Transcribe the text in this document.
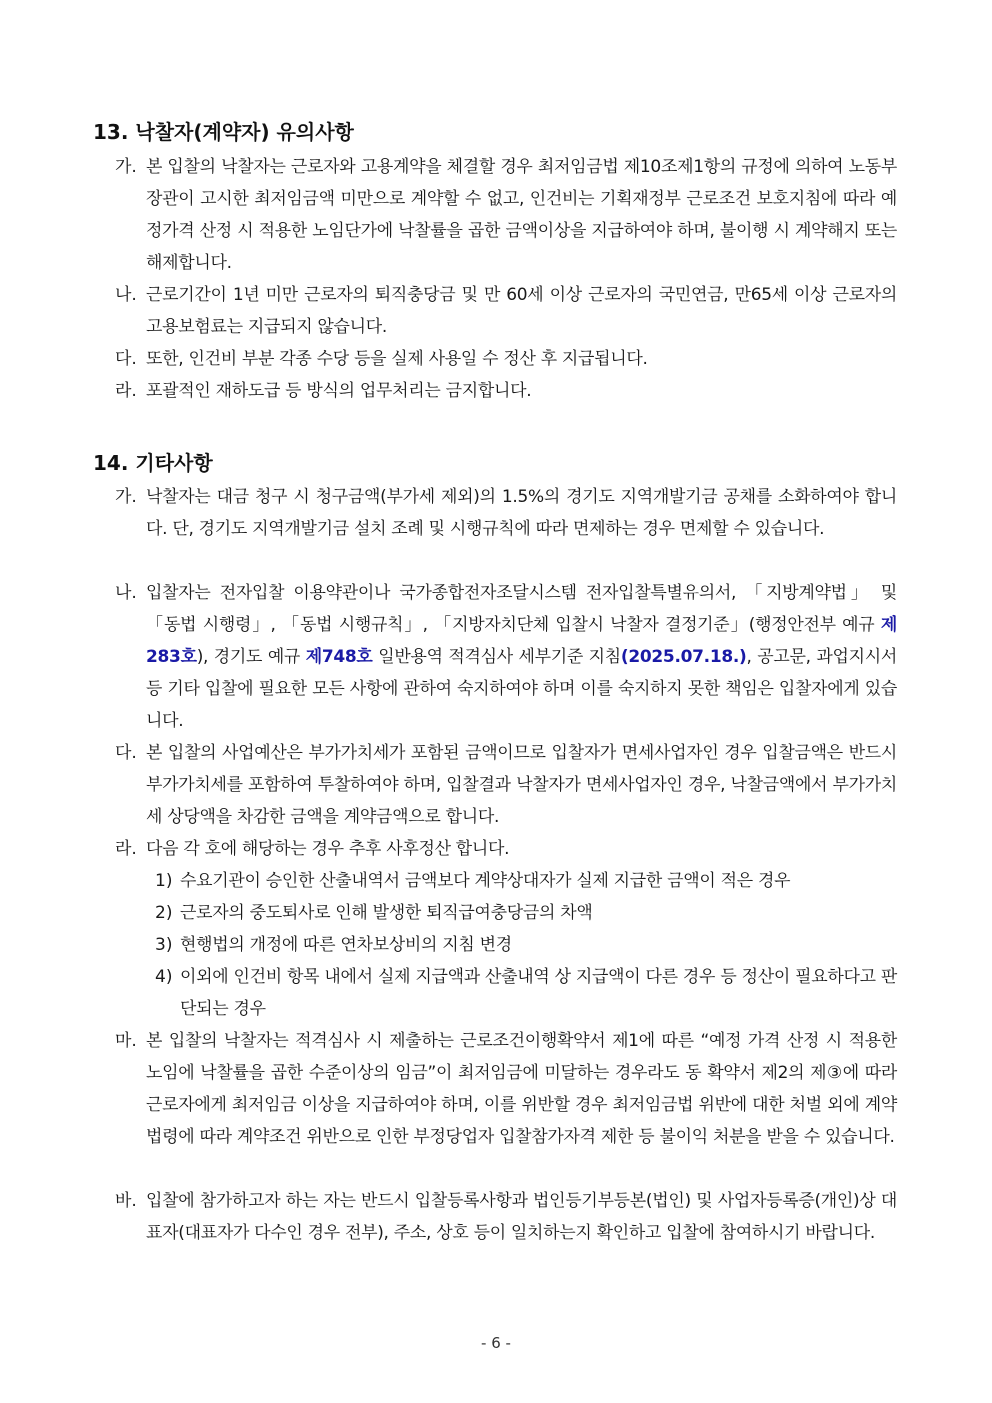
13. 낙찰자(계약자) 유의사항
가. 본 입찰의 낙찰자는 근로자와 고용계약을 체결할 경우 최저임금법 제10조제1항의 규정에 의하여 노동부장관이 고시한 최저임금액 미만으로 계약할 수 없고, 인건비는 기획재정부 근로조건 보호지침에 따라 예정가격 산정 시 적용한 노임단가에 낙찰률을 곱한 금액이상을 지급하여야 하며, 불이행 시 계약해지 또는 해제합니다.
나. 근로기간이 1년 미만 근로자의 퇴직충당금 및 만 60세 이상 근로자의 국민연금, 만65세 이상 근로자의 고용보험료는 지급되지 않습니다.
다. 또한, 인건비 부분 각종 수당 등을 실제 사용일 수 정산 후 지급됩니다.
라. 포괄적인 재하도급 등 방식의 업무처리는 금지합니다.
14. 기타사항
가. 낙찰자는 대금 청구 시 청구금액(부가세 제외)의 1.5%의 경기도 지역개발기금 공채를 소화하여야 합니다. 단, 경기도 지역개발기금 설치 조례 및 시행규칙에 따라 면제하는 경우 면제할 수 있습니다.
나. 입찰자는 전자입찰 이용약관이나 국가종합전자조달시스템 전자입찰특별유의서, 「지방계약법」 및 「동법 시행령」, 「동법 시행규칙」, 「지방자치단체 입찰시 낙찰자 결정기준」(행정안전부 예규 제283호), 경기도 예규 제748호 일반용역 적격심사 세부기준 지침(2025.07.18.), 공고문, 과업지시서 등 기타 입찰에 필요한 모든 사항에 관하여 숙지하여야 하며 이를 숙지하지 못한 책임은 입찰자에게 있습니다.
다. 본 입찰의 사업예산은 부가가치세가 포함된 금액이므로 입찰자가 면세사업자인 경우 입찰금액은 반드시 부가가치세를 포함하여 투찰하여야 하며, 입찰결과 낙찰자가 면세사업자인 경우, 낙찰금액에서 부가가치세 상당액을 차감한 금액을 계약금액으로 합니다.
라. 다음 각 호에 해당하는 경우 추후 사후정산 합니다.
1) 수요기관이 승인한 산출내역서 금액보다 계약상대자가 실제 지급한 금액이 적은 경우
2) 근로자의 중도퇴사로 인해 발생한 퇴직급여충당금의 차액
3) 현행법의 개정에 따른 연차보상비의 지침 변경
4) 이외에 인건비 항목 내에서 실제 지급액과 산출내역 상 지급액이 다른 경우 등 정산이 필요하다고 판단되는 경우
마. 본 입찰의 낙찰자는 적격심사 시 제출하는 근로조건이행확약서 제1에 따른 “예정 가격 산정 시 적용한 노임에 낙찰률을 곱한 수준이상의 임금”이 최저임금에 미달하는 경우라도 동 확약서 제2의 제③에 따라 근로자에게 최저임금 이상을 지급하여야 하며, 이를 위반할 경우 최저임금법 위반에 대한 처벌 외에 계약법령에 따라 계약조건 위반으로 인한 부정당업자 입찰참가자격 제한 등 불이익 처분을 받을 수 있습니다.
바. 입찰에 참가하고자 하는 자는 반드시 입찰등록사항과 법인등기부등본(법인) 및 사업자등록증(개인)상 대표자(대표자가 다수인 경우 전부), 주소, 상호 등이 일치하는지 확인하고 입찰에 참여하시기 바랍니다.
- 6 -
